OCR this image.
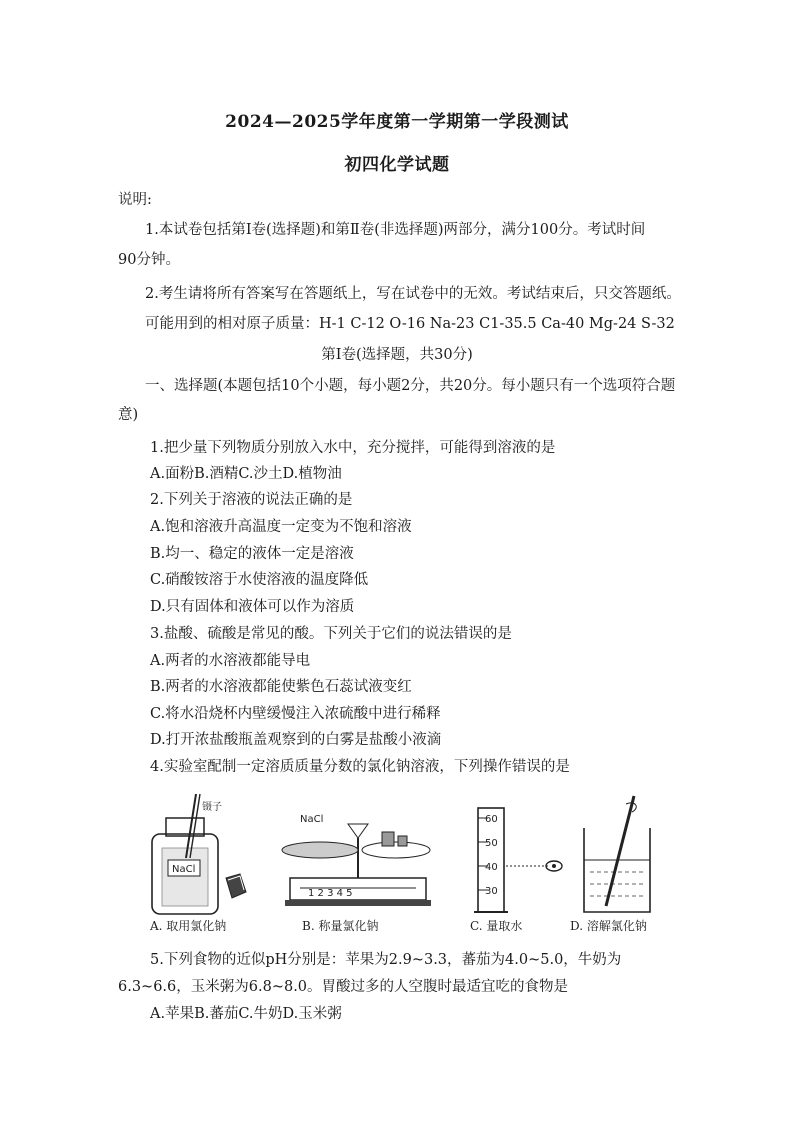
2024—2025学年度第一学期第一学段测试
初四化学试题
说明:
1.本试卷包括第Ⅰ卷(选择题)和第Ⅱ卷(非选择题)两部分，满分100分。考试时间
90分钟。
2.考生请将所有答案写在答题纸上，写在试卷中的无效。考试结束后，只交答题纸。
可能用到的相对原子质量：H-1 C-12 O-16 Na-23 C1-35.5 Ca-40 Mg-24 S-32
第Ⅰ卷(选择题，共30分)
一、选择题(本题包括10个小题，每小题2分，共20分。每小题只有一个选项符合题
意)
1.把少量下列物质分别放入水中，充分搅拌，可能得到溶液的是
A.面粉B.酒精C.沙土D.植物油
2.下列关于溶液的说法正确的是
A.饱和溶液升高温度一定变为不饱和溶液
B.均一、稳定的液体一定是溶液
C.硝酸铵溶于水使溶液的温度降低
D.只有固体和液体可以作为溶质
3.盐酸、硫酸是常见的酸。下列关于它们的说法错误的是
A.两者的水溶液都能导电
B.两者的水溶液都能使紫色石蕊试液变红
C.将水沿烧杯内壁缓慢注入浓硫酸中进行稀释
D.打开浓盐酸瓶盖观察到的白雾是盐酸小液滴
4.实验室配制一定溶质质量分数的氯化钠溶液，下列操作错误的是
NaCl
镊子
A. 取用氯化钠
1 2 3 4 5
NaCl
B. 称量氯化钠
60
50
40
30
C. 量取水	D. 溶解氯化钠
5.下列食物的近似pH分别是：苹果为2.9~3.3，蕃茄为4.0~5.0，牛奶为
6.3~6.6，玉米粥为6.8~8.0。胃酸过多的人空腹时最适宜吃的食物是
A.苹果B.蕃茄C.牛奶D.玉米粥
